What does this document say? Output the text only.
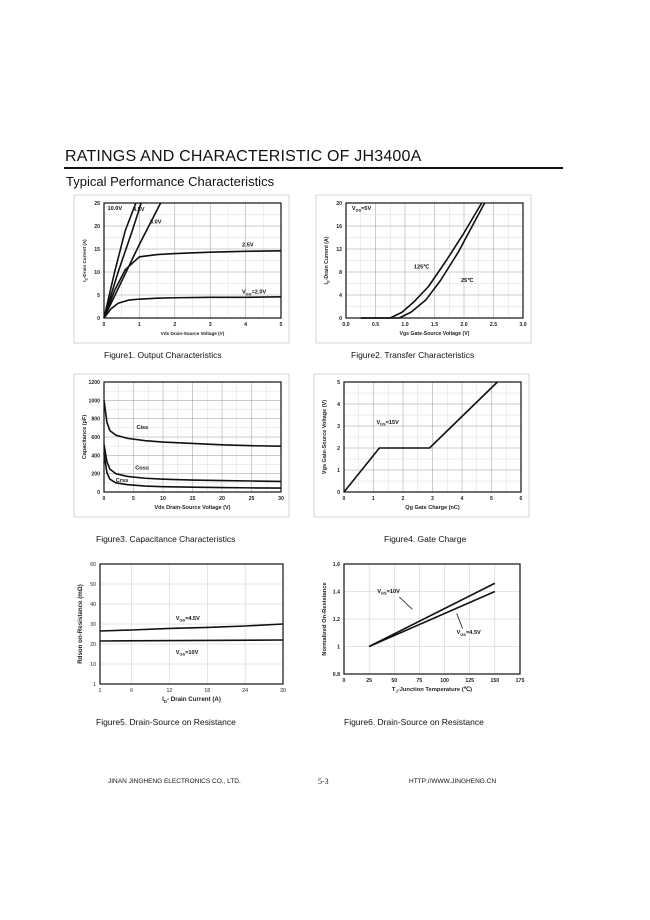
RATINGS AND CHARACTERISTIC OF JH3400A
Typical Performance Characteristics
0	1	2	3	4	5
0
5
10
15
20
25
Vds Drain-Source Voltage (V)
$I_D$-Drain Current (A)
10.0V 4.5V
3.0V
2.5V
$V_{GS}=2.0V$
0.0	0.5	1.0	1.5	2.0	2.5	3.0
0
4
8
12
16
20
Vgs Gate-Source Voltage (V)
$I_D$-Drain Current (A)
$V_{DS}=5V$
125℃
25℃
0	5	10	15	20	25	30
0
200
400
600
800
1000
1200
Vds Drain-Source Voltage (V)
Capacitance (pF)	Ciss
Coss
Crss
0	1	2	3	4	5	6
0
1
2
3
4
5
Qg Gate Charge (nC)
Vgs Gate-Source Voltage (V)	$V_{DS}=15V$
1	6	12	18	24	30
1
10
20
30
40
50
60
$I_D-$ Drain Current (A)
Rdson on-Resistance (mΩ)	$V_{GS}=4.5V$
$V_{GS}=10V$
0	25	50	75	100	125	150	175
0.8
1
1.2
1.4
1.6
$T_J$-Junction Temperature (℃)
Normalized On-Resistance	$V_{GS}=10V$
$V_{GS}=4.5V$
Figure1. Output Characteristics	Figure2. Transfer Characteristics
Figure3. Capacitance Characteristics	Figure4. Gate Charge
Figure5. Drain-Source on Resistance	Figure6. Drain-Source on Resistance
JINAN JINGHENG ELECTRONICS CO., LTD.	5-3	HTTP://WWW.JINGHENG.CN
